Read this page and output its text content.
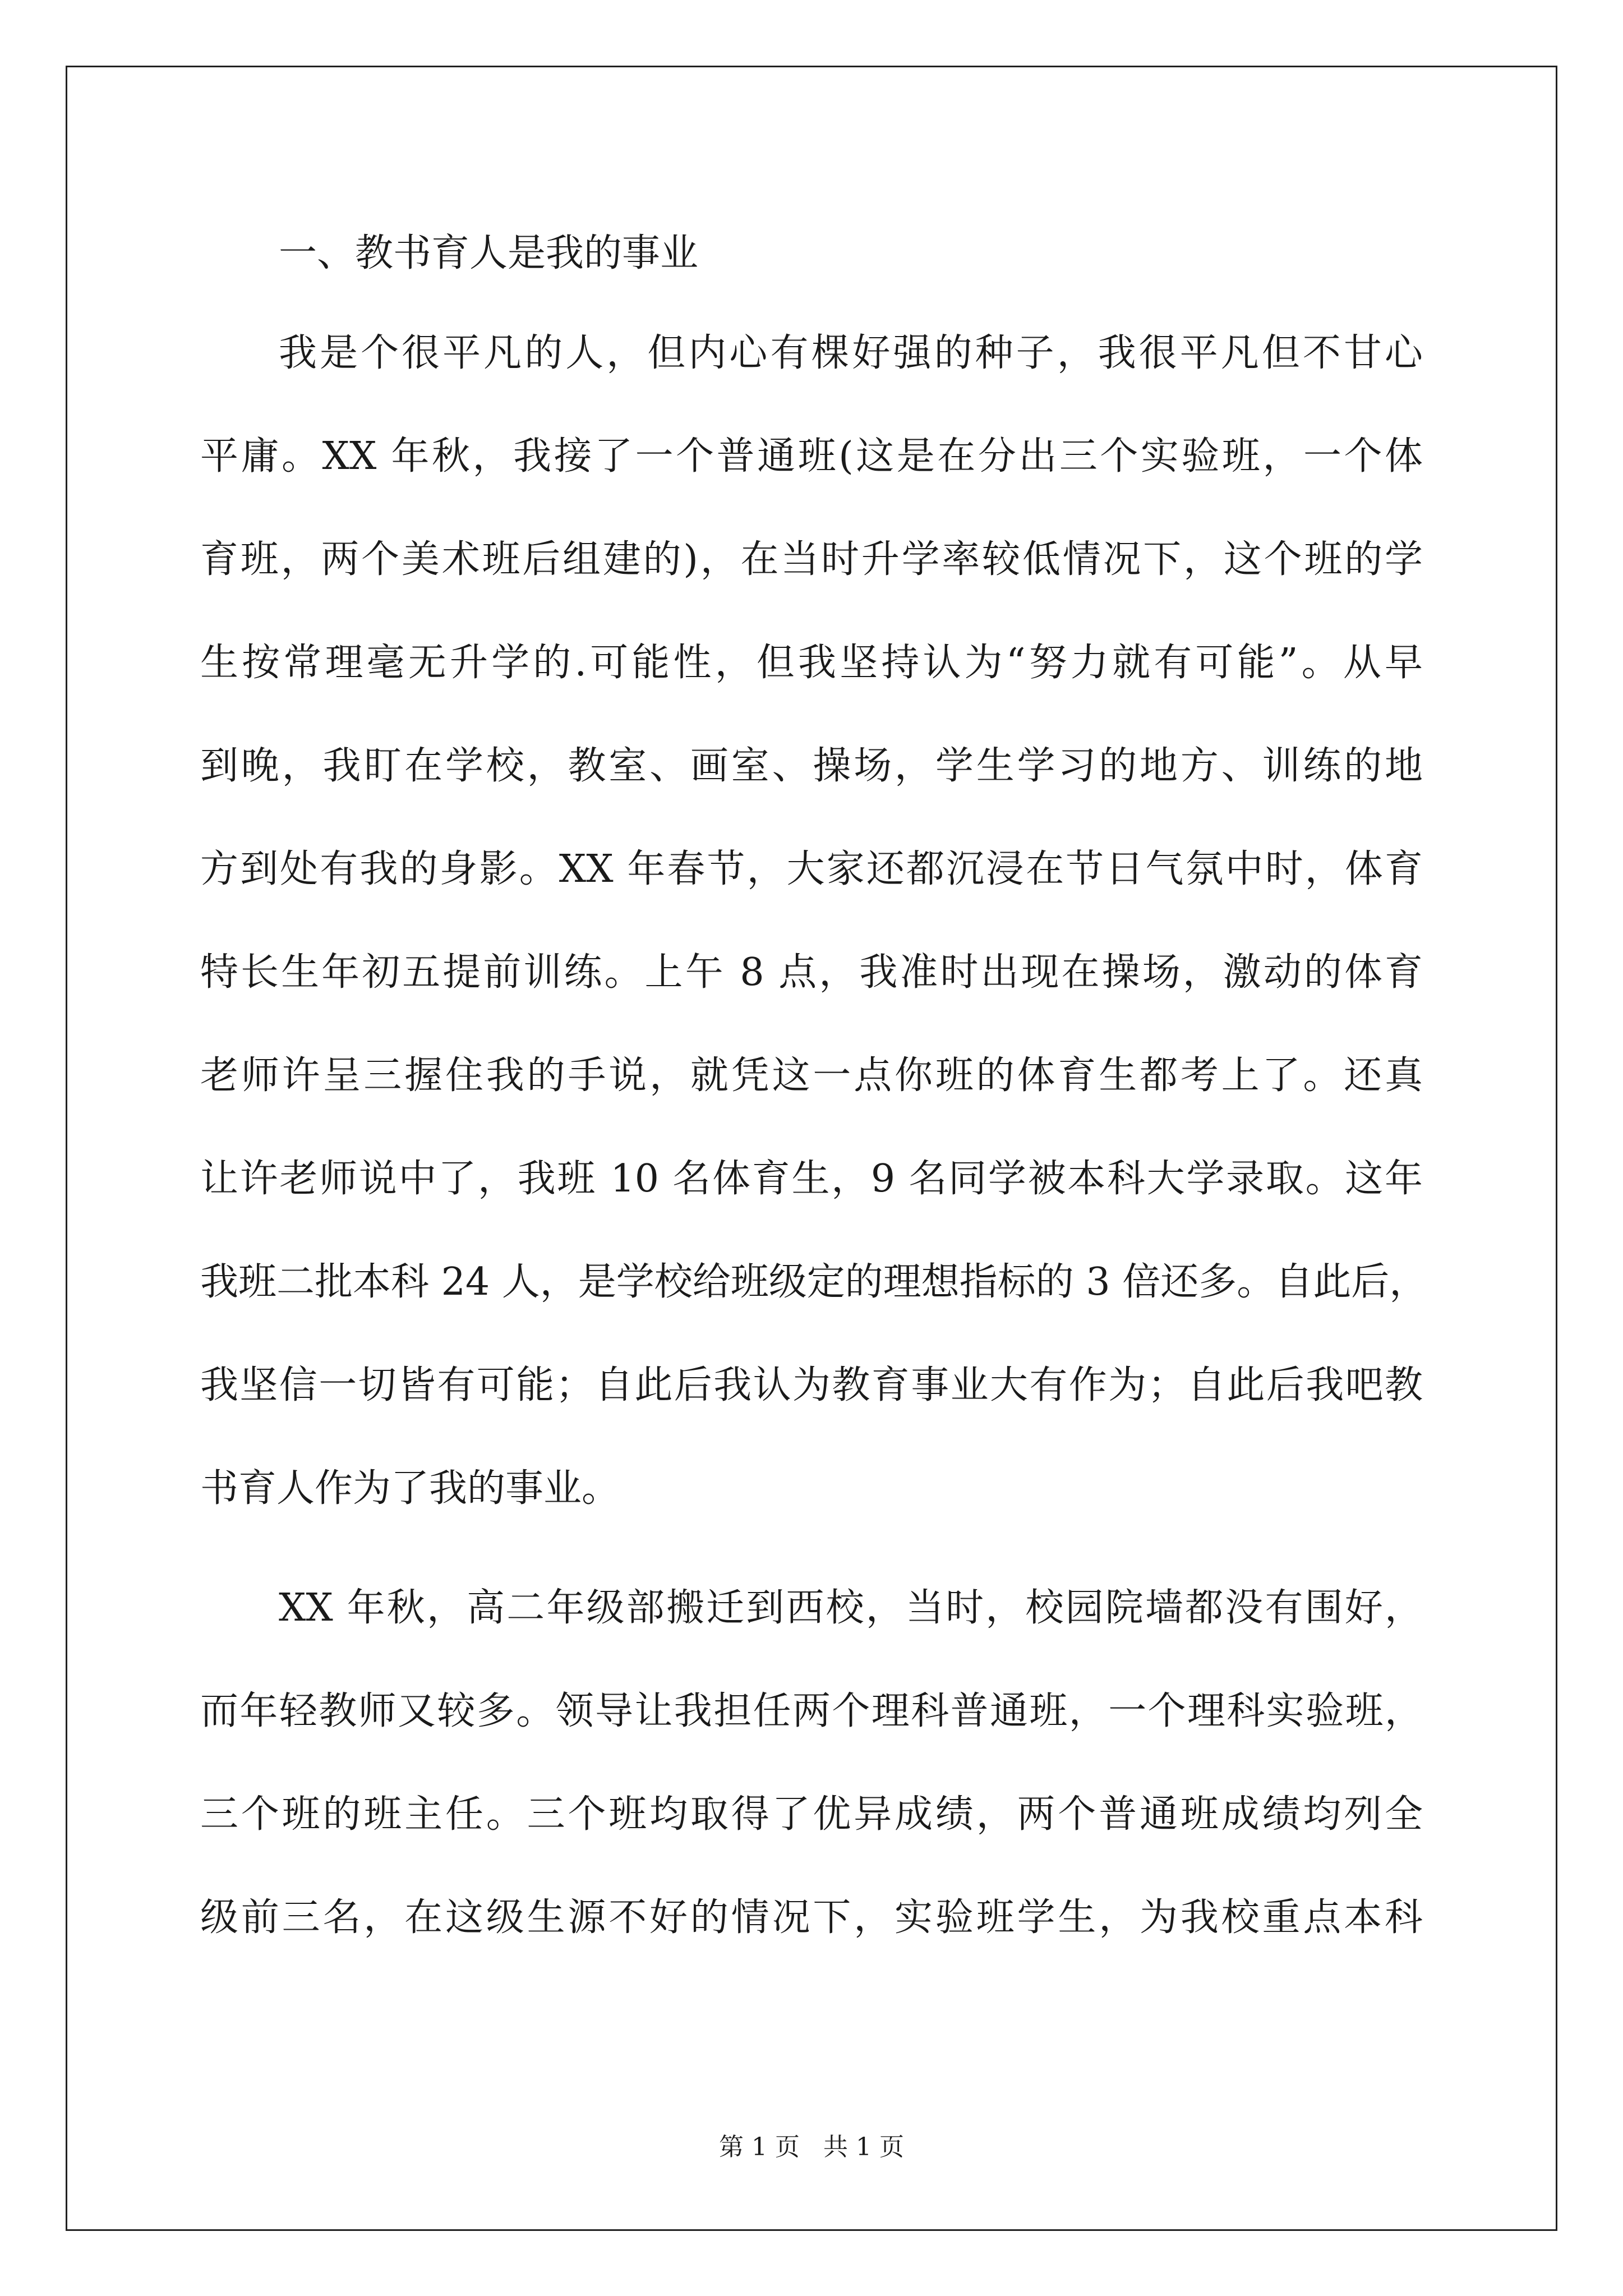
一、教书育人是我的事业

我是个很平凡的人，但内心有棵好强的种子，我很平凡但不甘心

平庸。XX 年秋，我接了一个普通班(这是在分出三个实验班，一个体

育班，两个美术班后组建的)，在当时升学率较低情况下，这个班的学

生按常理毫无升学的.可能性，但我坚持认为“努力就有可能”。从早

到晚，我盯在学校，教室、画室、操场，学生学习的地方、训练的地

方到处有我的身影。XX 年春节，大家还都沉浸在节日气氛中时，体育

特长生年初五提前训练。上午 8 点，我准时出现在操场，激动的体育

老师许呈三握住我的手说，就凭这一点你班的体育生都考上了。还真

让许老师说中了，我班 10 名体育生，9 名同学被本科大学录取。这年

我班二批本科 24 人，是学校给班级定的理想指标的 3 倍还多。自此后，

我坚信一切皆有可能；自此后我认为教育事业大有作为；自此后我吧教

书育人作为了我的事业。

XX 年秋，高二年级部搬迁到西校，当时，校园院墙都没有围好，

而年轻教师又较多。领导让我担任两个理科普通班，一个理科实验班，

三个班的班主任。三个班均取得了优异成绩，两个普通班成绩均列全

级前三名，在这级生源不好的情况下，实验班学生，为我校重点本科

第 1 页   共 1 页
